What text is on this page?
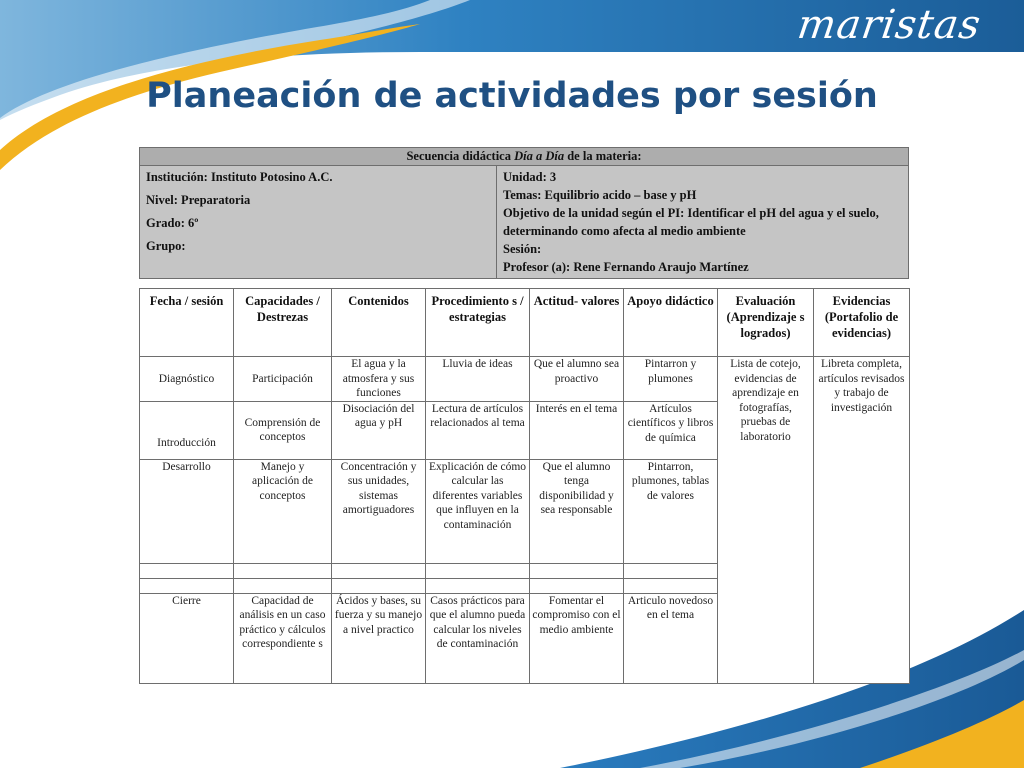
maristas
Planeación de actividades por sesión
Secuencia didáctica Día a Día de la materia:

Institución: Instituto Potosino A.C.
Nivel: Preparatoria
Grado: 6º
Grupo:

Unidad: 3
Temas: Equilibrio acido – base y pH
Objetivo de la unidad según el PI: Identificar el pH del agua y el suelo, determinando como afecta al medio ambiente
Sesión:
Profesor (a): Rene Fernando Araujo Martínez
Fecha / sesión	Capacidades / Destrezas	Contenidos	Procedimiento s / estrategias	Actitud- valores	Apoyo didáctico	Evaluación (Aprendizaje s logrados)	Evidencias (Portafolio de evidencias)
Diagnóstico	Participación	El agua y la atmosfera y sus funciones	Lluvia de ideas	Que el alumno sea proactivo	Pintarron y plumones	Lista de cotejo, evidencias de aprendizaje en fotografías, pruebas de laboratorio	Libreta completa, artículos revisados y trabajo de investigación
Introducción	Comprensión de conceptos	Disociación del agua y pH	Lectura de artículos relacionados al tema	Interés en el tema	Artículos científicos y libros de química		
Desarrollo	Manejo y aplicación de conceptos	Concentración y sus unidades, sistemas amortiguadores	Explicación de cómo calcular las diferentes variables que influyen en la contaminación	Que el alumno tenga disponibilidad y sea responsable	Pintarron, plumones, tablas de valores		

Cierre	Capacidad de análisis en un caso práctico y cálculos correspondiente s	Ácidos y bases, su fuerza y su manejo a nivel practico	Casos prácticos para que el alumno pueda calcular los niveles de contaminación	Fomentar el compromiso con el medio ambiente	Articulo novedoso en el tema		
